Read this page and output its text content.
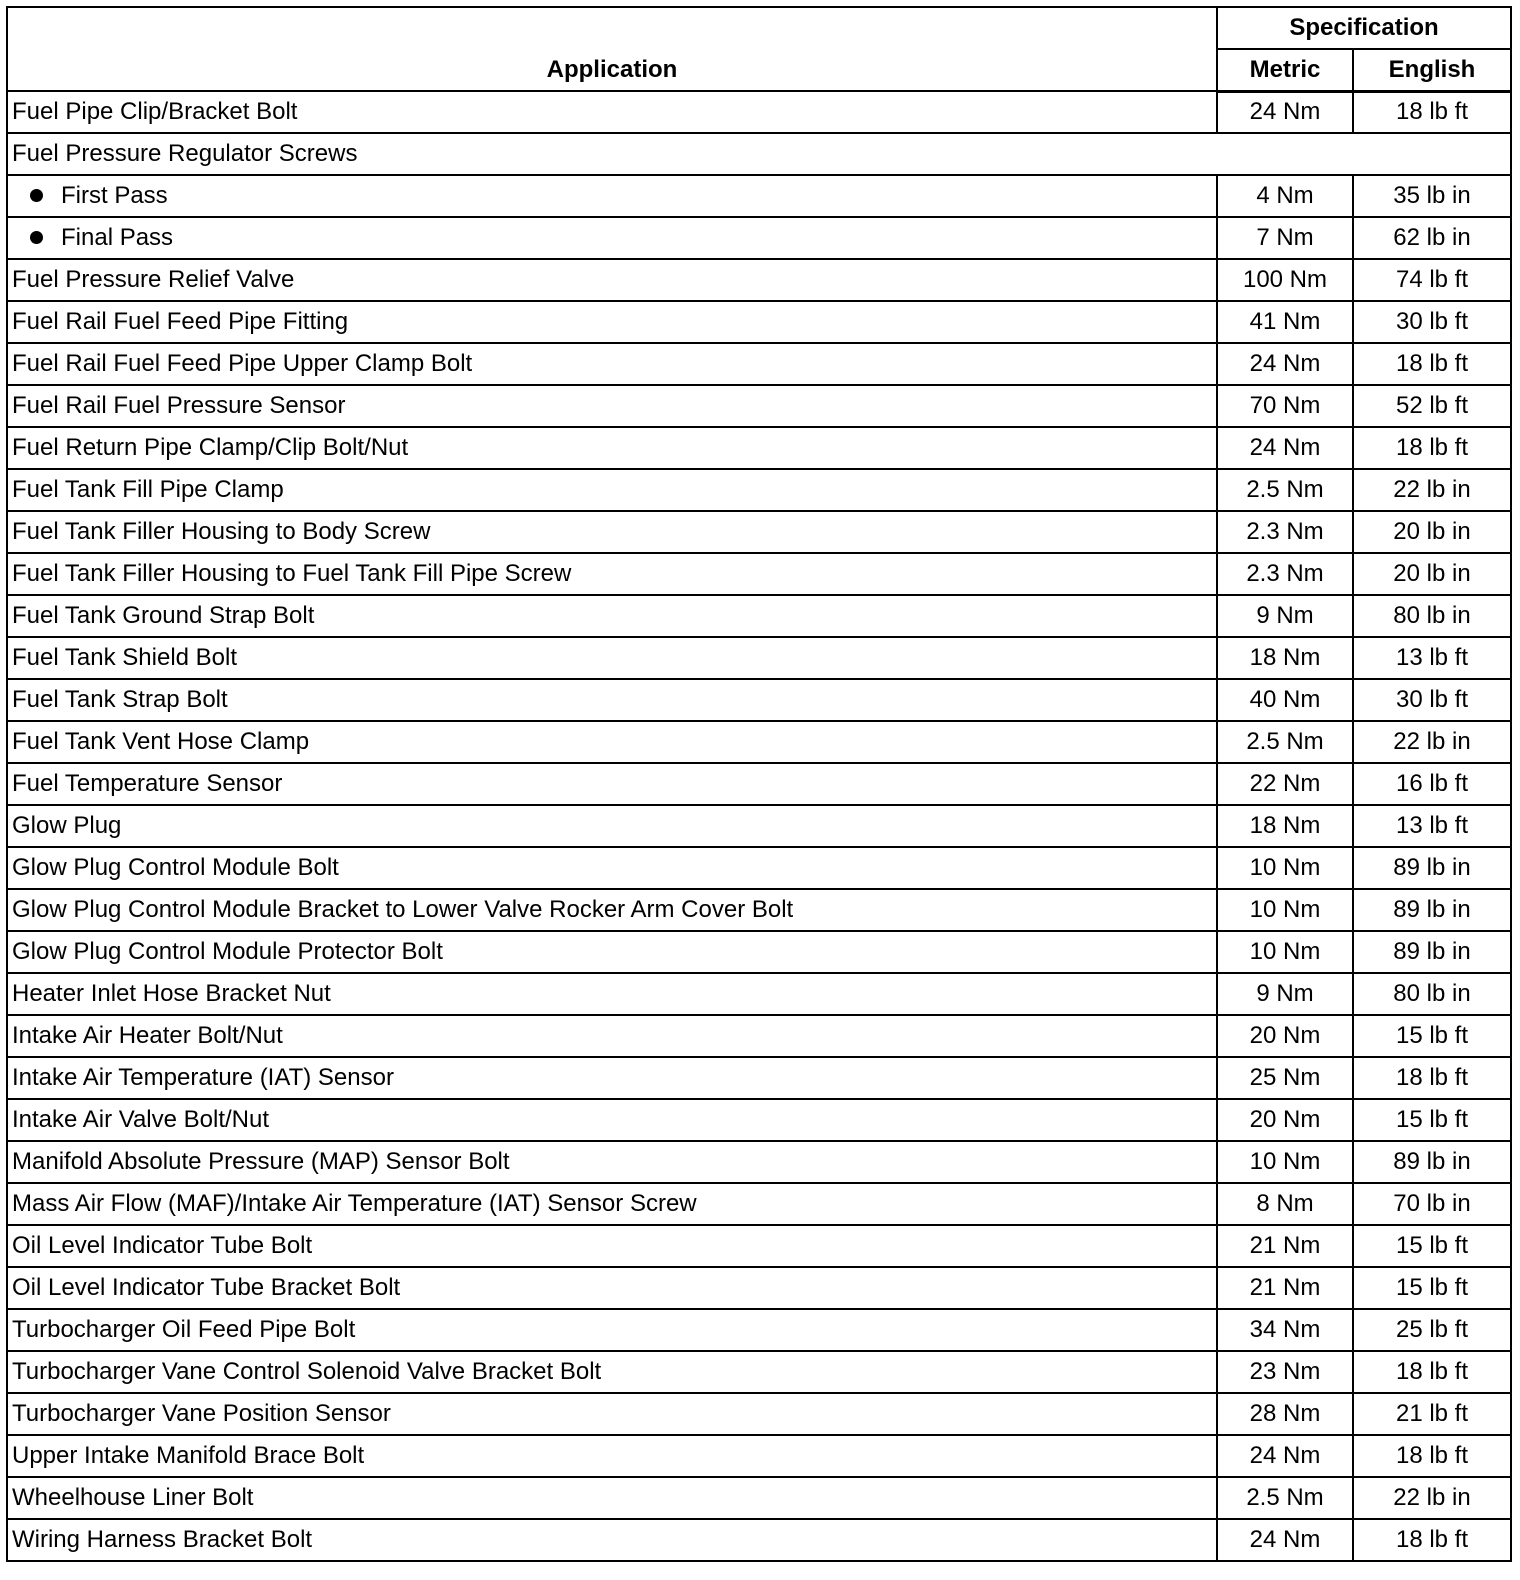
Application	Specification	
	Metric	English
Fuel Pipe Clip/Bracket Bolt	24 Nm	18 lb ft
Fuel Pressure Regulator Screws		
First Pass	4 Nm	35 lb in
Final Pass	7 Nm	62 lb in
Fuel Pressure Relief Valve	100 Nm	74 lb ft
Fuel Rail Fuel Feed Pipe Fitting	41 Nm	30 lb ft
Fuel Rail Fuel Feed Pipe Upper Clamp Bolt	24 Nm	18 lb ft
Fuel Rail Fuel Pressure Sensor	70 Nm	52 lb ft
Fuel Return Pipe Clamp/Clip Bolt/Nut	24 Nm	18 lb ft
Fuel Tank Fill Pipe Clamp	2.5 Nm	22 lb in
Fuel Tank Filler Housing to Body Screw	2.3 Nm	20 lb in
Fuel Tank Filler Housing to Fuel Tank Fill Pipe Screw	2.3 Nm	20 lb in
Fuel Tank Ground Strap Bolt	9 Nm	80 lb in
Fuel Tank Shield Bolt	18 Nm	13 lb ft
Fuel Tank Strap Bolt	40 Nm	30 lb ft
Fuel Tank Vent Hose Clamp	2.5 Nm	22 lb in
Fuel Temperature Sensor	22 Nm	16 lb ft
Glow Plug	18 Nm	13 lb ft
Glow Plug Control Module Bolt	10 Nm	89 lb in
Glow Plug Control Module Bracket to Lower Valve Rocker Arm Cover Bolt	10 Nm	89 lb in
Glow Plug Control Module Protector Bolt	10 Nm	89 lb in
Heater Inlet Hose Bracket Nut	9 Nm	80 lb in
Intake Air Heater Bolt/Nut	20 Nm	15 lb ft
Intake Air Temperature (IAT) Sensor	25 Nm	18 lb ft
Intake Air Valve Bolt/Nut	20 Nm	15 lb ft
Manifold Absolute Pressure (MAP) Sensor Bolt	10 Nm	89 lb in
Mass Air Flow (MAF)/Intake Air Temperature (IAT) Sensor Screw	8 Nm	70 lb in
Oil Level Indicator Tube Bolt	21 Nm	15 lb ft
Oil Level Indicator Tube Bracket Bolt	21 Nm	15 lb ft
Turbocharger Oil Feed Pipe Bolt	34 Nm	25 lb ft
Turbocharger Vane Control Solenoid Valve Bracket Bolt	23 Nm	18 lb ft
Turbocharger Vane Position Sensor	28 Nm	21 lb ft
Upper Intake Manifold Brace Bolt	24 Nm	18 lb ft
Wheelhouse Liner Bolt	2.5 Nm	22 lb in
Wiring Harness Bracket Bolt	24 Nm	18 lb ft
